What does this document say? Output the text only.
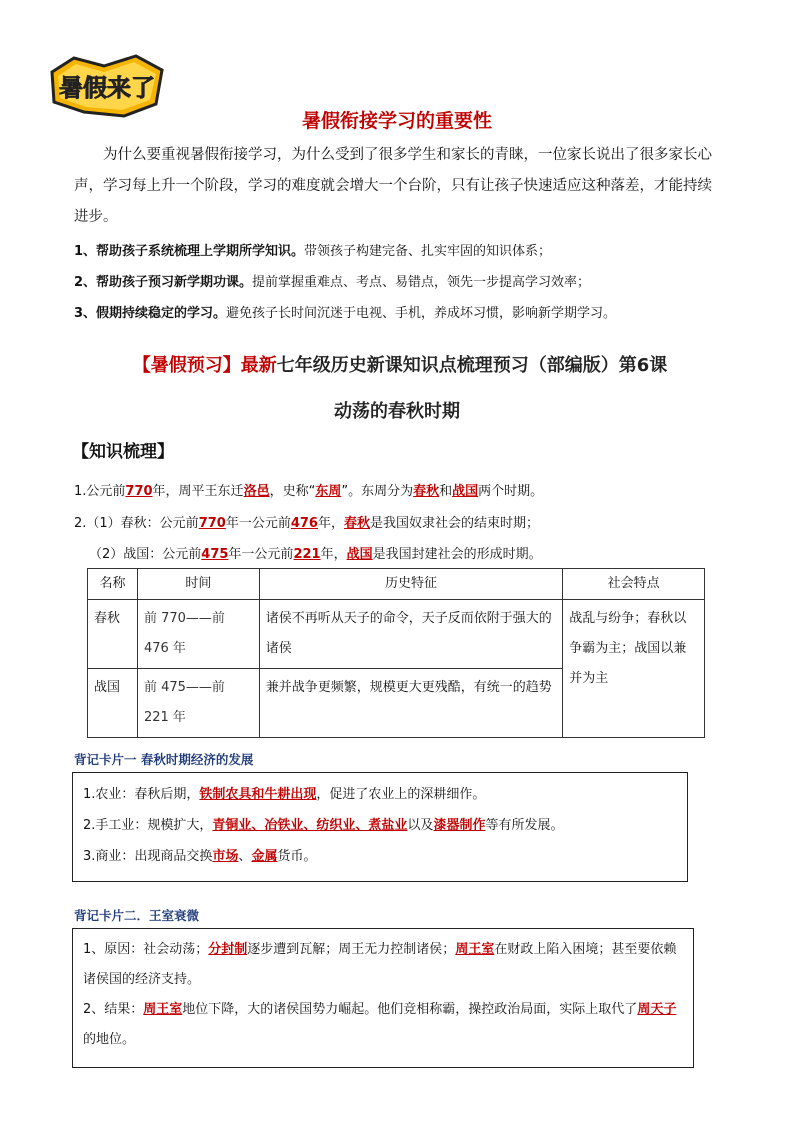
暑假来了
暑假衔接学习的重要性
为什么要重视暑假衔接学习，为什么受到了很多学生和家长的青睐，一位家长说出了很多家长心声，学习每上升一个阶段，学习的难度就会增大一个台阶，只有让孩子快速适应这种落差，才能持续进步。
1、帮助孩子系统梳理上学期所学知识。带领孩子构建完备、扎实牢固的知识体系；
2、帮助孩子预习新学期功课。提前掌握重难点、考点、易错点，领先一步提高学习效率；
3、假期持续稳定的学习。避免孩子长时间沉迷于电视、手机，养成坏习惯，影响新学期学习。
【暑假预习】最新七年级历史新课知识点梳理预习（部编版）第6课
动荡的春秋时期
【知识梳理】
1.公元前770年，周平王东迁洛邑，史称“东周”。东周分为春秋和战国两个时期。
2.（1）春秋：公元前770年一公元前476年，春秋是我国奴隶社会的结束时期；
（2）战国：公元前475年一公元前221年，战国是我国封建社会的形成时期。
名称	时间	历史特征	社会特点
春秋	前 770——前 476 年	诸侯不再听从天子的命令，天子反而依附于强大的诸侯	战乱与纷争；春秋以争霸为主；战国以兼并为主
战国	前 475——前 221 年	兼并战争更频繁，规模更大更残酷，有统一的趋势	
背记卡片一 春秋时期经济的发展
1.农业：春秋后期，铁制农具和牛耕出现，促进了农业上的深耕细作。
2.手工业：规模扩大，青铜业、冶铁业、纺织业、煮盐业以及漆器制作等有所发展。
3.商业：出现商品交换市场、金属货币。
背记卡片二．王室衰微
1、原因：社会动荡；分封制逐步遭到瓦解；周王无力控制诸侯；周王室在财政上陷入困境；甚至要依赖诸侯国的经济支持。
2、结果：周王室地位下降，大的诸侯国势力崛起。他们竞相称霸，操控政治局面，实际上取代了周天子的地位。
